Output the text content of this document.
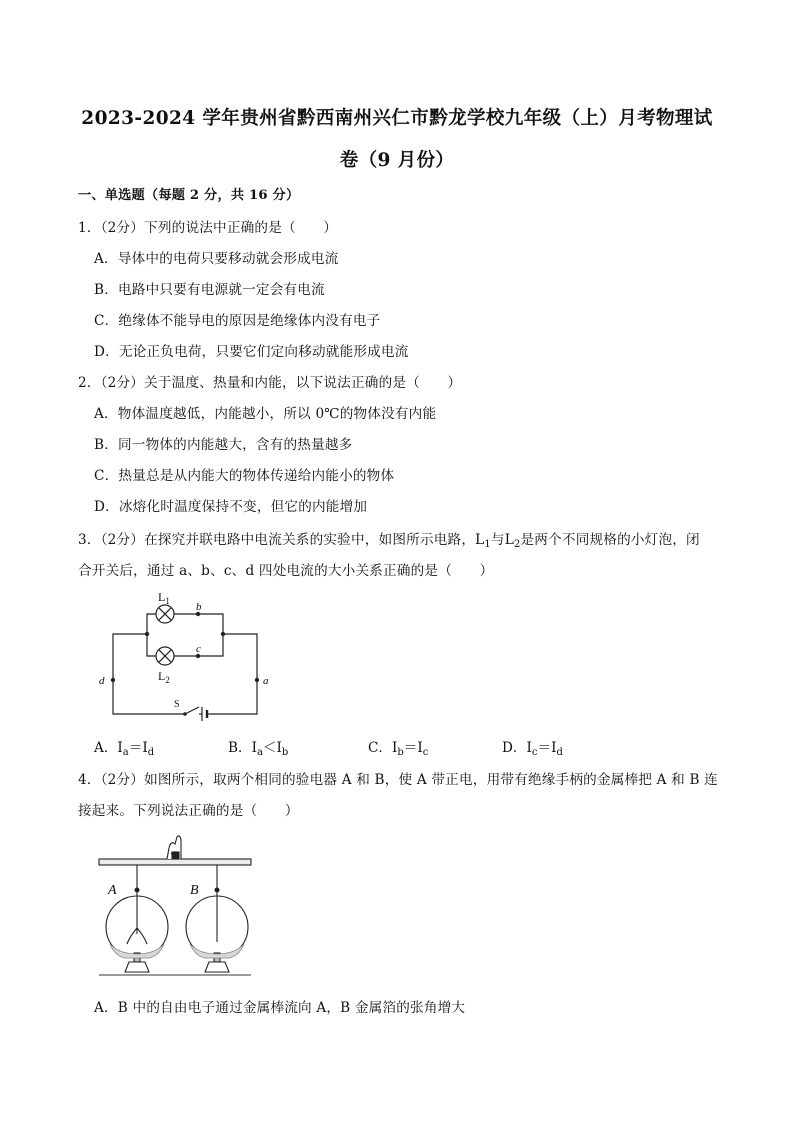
2023-2024 学年贵州省黔西南州兴仁市黔龙学校九年级（上）月考物理试
卷（9 月份）
一、单选题（每题 2 分，共 16 分）
1．（2分）下列的说法中正确的是（　　）
A．导体中的电荷只要移动就会形成电流
B．电路中只要有电源就一定会有电流
C．绝缘体不能导电的原因是绝缘体内没有电子
D．无论正负电荷，只要它们定向移动就能形成电流
2．（2分）关于温度、热量和内能，以下说法正确的是（　　）
A．物体温度越低，内能越小，所以 0℃的物体没有内能
B．同一物体的内能越大，含有的热量越多
C．热量总是从内能大的物体传递给内能小的物体
D．冰熔化时温度保持不变，但它的内能增加
3．（2分）在探究并联电路中电流关系的实验中，如图所示电路，$L_1$与$L_2$是两个不同规格的小灯泡，闭
合开关后，通过 a、b、c、d 四处电流的大小关系正确的是（　　）
$L_1$
$L_2$
b
c
d	a
S
A．$I_a=I_d$	B．$I_a<I_b$	C．$I_b=I_c$	D．$I_c=I_d$
4．（2分）如图所示，取两个相同的验电器 A 和 B，使 A 带正电，用带有绝缘手柄的金属棒把 A 和 B 连
接起来。下列说法正确的是（　　）
A	B
A．B 中的自由电子通过金属棒流向 A，B 金属箔的张角增大
